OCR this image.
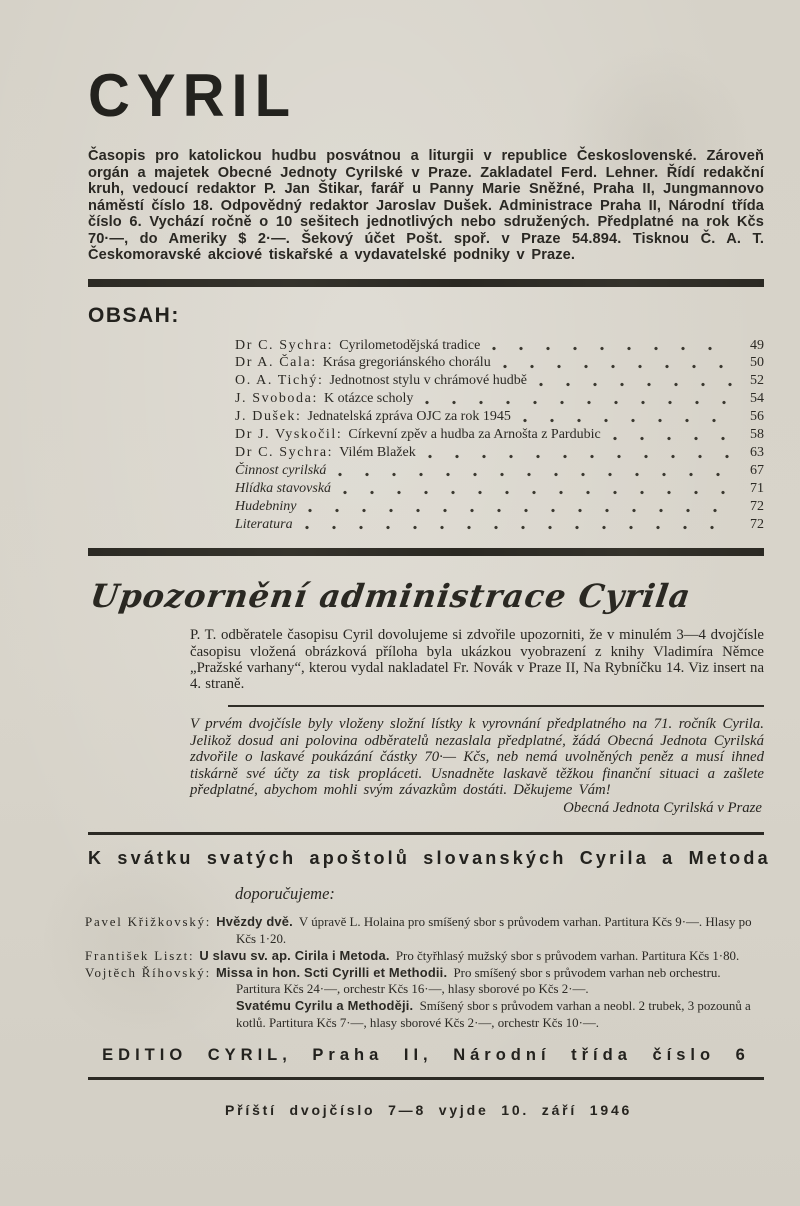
CYRIL

Časopis pro katolickou hudbu posvátnou a liturgii v republice Československé. Zároveň orgán a majetek Obecné Jednoty Cyrilské v Praze. Zakladatel Ferd. Lehner. Řídí redakční kruh, vedoucí redaktor P. Jan Štikar, farář u Panny Marie Sněžné, Praha II, Jungmannovo náměstí číslo 18. Odpovědný redaktor Jaroslav Dušek. Administrace Praha II, Národní třída číslo 6. Vychází ročně o 10 sešitech jednotlivých nebo sdružených. Předplatné na rok Kčs 70·—, do Ameriky $ 2·—. Šekový účet Pošt. spoř. v Praze 54.894. Tisknou Č. A. T. Českomoravské akciové tiskařské a vydavatelské podniky v Praze.

OBSAH:
Dr C. Sychra: Cyrilometodějská tradice	49
Dr A. Čala: Krása gregoriánského chorálu	50
O. A. Tichý: Jednotnost stylu v chrámové hudbě	52
J. Svoboda: K otázce scholy	54
J. Dušek: Jednatelská zpráva OJC za rok 1945	56
Dr J. Vyskočil: Církevní zpěv a hudba za Arnošta z Pardubic	58
Dr C. Sychra: Vilém Blažek	63
Činnost cyrilská	67
Hlídka stavovská	71
Hudebniny	72
Literatura	72
Upozornění administrace Cyrila

P. T. odběratele časopisu Cyril dovolujeme si zdvořile upozorniti, že v minulém 3—4 dvojčísle časopisu vložená obrázková příloha byla ukázkou vyobrazení z knihy Vladimíra Němce „Pražské varhany“, kterou vydal nakladatel Fr. Novák v Praze II, Na Rybníčku 14. Viz insert na 4. straně.

V prvém dvojčísle byly vloženy složní lístky k vyrovnání předplatného na 71. ročník Cyrila. Jelikož dosud ani polovina odběratelů nezaslala předplatné, žádá Obecná Jednota Cyrilská zdvořile o laskavé poukázání částky 70·— Kčs, neb nemá uvolněných peněz a musí ihned tiskárně své účty za tisk propláceti. Usnadněte laskavě těžkou finanční situaci a zašlete předplatné, abychom mohli svým závazkům dostáti. Děkujeme Vám!

Obecná Jednota Cyrilská v Praze

K svátku svatých apoštolů slovanských Cyrila a Metoda

doporučujeme:

Pavel Křižkovský: Hvězdy dvě. V úpravě L. Holaina pro smíšený sbor s průvodem varhan. Partitura Kčs 9·—. Hlasy po Kčs 1·20.

František Liszt: U slavu sv. ap. Cirila i Metoda. Pro čtyřhlasý mužský sbor s průvodem varhan. Partitura Kčs 1·80.

Vojtěch Říhovský: Missa in hon. Scti Cyrilli et Methodii. Pro smíšený sbor s průvodem varhan neb orchestru. Partitura Kčs 24·—, orchestr Kčs 16·—, hlasy sborové po Kčs 2·—.

Svatému Cyrilu a Methoději. Smíšený sbor s průvodem varhan a neobl. 2 trubek, 3 pozounů a kotlů. Partitura Kčs 7·—, hlasy sborové Kčs 2·—, orchestr Kčs 10·—.

EDITIO CYRIL, Praha II, Národní třída číslo 6

Příští dvojčíslo 7—8 vyjde 10. září 1946
